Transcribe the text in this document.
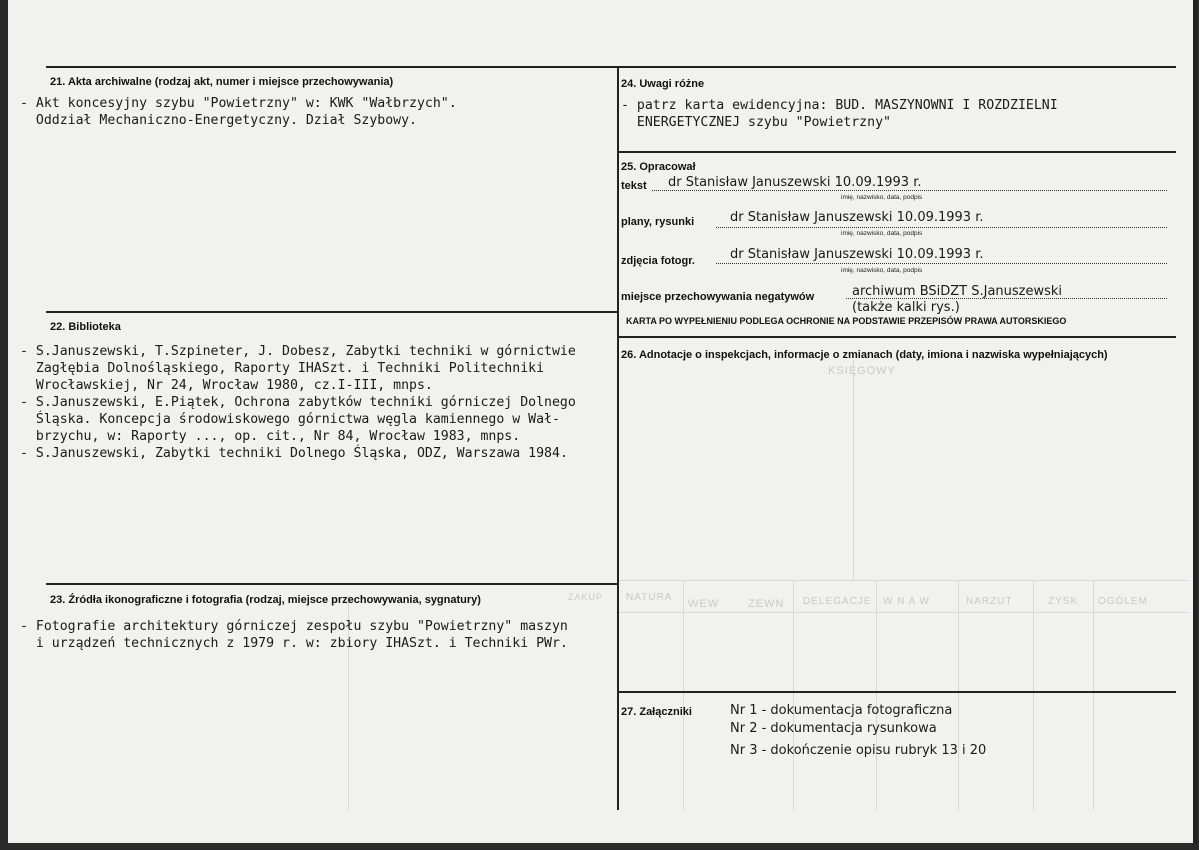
KSIĘGOWY
ZAKUP NATURA
WEW	ZEWN DELEGACJE W N A W	NARZUT	ZYSK OGÓLEM
21. Akta archiwalne (rodzaj akt, numer i miejsce przechowywania)
- Akt koncesyjny szybu "Powietrzny" w: KWK "Wałbrzych".
Oddział Mechaniczno-Energetyczny. Dział Szybowy.
22. Biblioteka
- S.Januszewski, T.Szpineter, J. Dobesz, Zabytki techniki w górnictwie
Zagłębia Dolnośląskiego, Raporty IHASzt. i Techniki Politechniki
Wrocławskiej, Nr 24, Wrocław 1980, cz.I-III, mnps.
- S.Januszewski, E.Piątek, Ochrona zabytków techniki górniczej Dolnego
Śląska. Koncepcja środowiskowego górnictwa węgla kamiennego w Wał-
brzychu, w: Raporty ..., op. cit., Nr 84, Wrocław 1983, mnps.
- S.Januszewski, Zabytki techniki Dolnego Śląska, ODZ, Warszawa 1984.
23. Źródła ikonograficzne i fotografia (rodzaj, miejsce przechowywania, sygnatury)
- Fotografie architektury górniczej zespołu szybu "Powietrzny" maszyn
i urządzeń technicznych z 1979 r. w: zbiory IHASzt. i Techniki PWr.
24. Uwagi różne
- patrz karta ewidencyjna: BUD. MASZYNOWNI I ROZDZIELNI
ENERGETYCZNEJ szybu "Powietrzny"
25. Opracował
tekst dr Stanisław Januszewski 10.09.1993 r.
imię, nazwisko, data, podpis
plany, rysunki	dr Stanisław Januszewski 10.09.1993 r.
imię, nazwisko, data, podpis
zdjęcia fotogr.	dr Stanisław Januszewski 10.09.1993 r.
imię, nazwisko, data, podpis
miejsce przechowywania negatywów	archiwum BSiDZT S.Januszewski
(także kalki rys.)
KARTA PO WYPEŁNIENIU PODLEGA OCHRONIE NA PODSTAWIE PRZEPISÓW PRAWA AUTORSKIEGO
26. Adnotacje o inspekcjach, informacje o zmianach (daty, imiona i nazwiska wypełniających)
27. Załączniki	Nr 1 - dokumentacja fotograficzna
Nr 2 - dokumentacja rysunkowa
Nr 3 - dokończenie opisu rubryk 13 i 20
